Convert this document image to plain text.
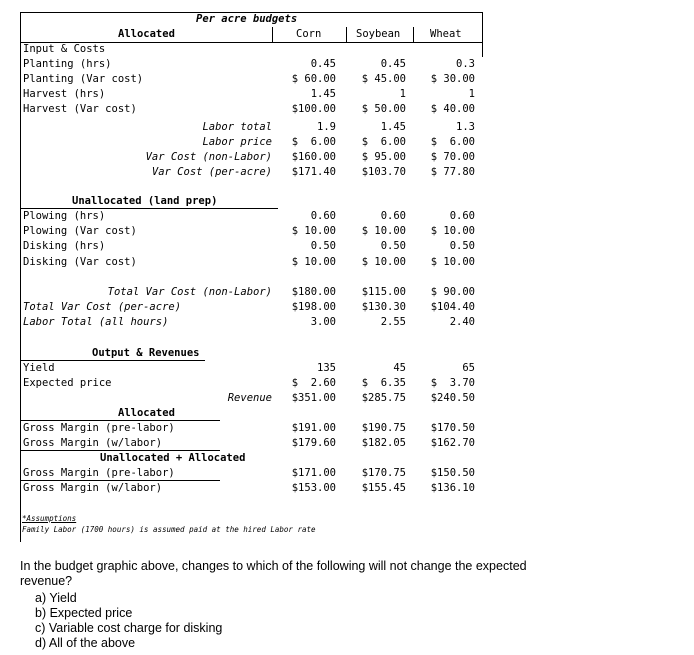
Per acre budgets
Allocated	Corn	Soybean	Wheat
Input & Costs
Planting (hrs)	0.45	0.45	0.3
Planting (Var cost)	$ 60.00 $ 45.00 $ 30.00
Harvest (hrs)	1.45	1	1
Harvest (Var cost)	$100.00 $ 50.00 $ 40.00
Labor total	1.9	1.45	1.3
Labor price $  6.00 $  6.00 $  6.00
Var Cost (non-Labor) $160.00 $ 95.00 $ 70.00
Var Cost (per-acre) $171.40 $103.70 $ 77.80
Unallocated (land prep)
Plowing (hrs)	0.60	0.60	0.60
Plowing (Var cost)	$ 10.00 $ 10.00 $ 10.00
Disking (hrs)	0.50	0.50	0.50
Disking (Var cost)	$ 10.00 $ 10.00 $ 10.00
Total Var Cost (non-Labor) $180.00 $115.00 $ 90.00
Total Var Cost (per-acre)	$198.00 $130.30 $104.40
Labor Total (all hours)	3.00	2.55	2.40
Output & Revenues
Yield	135	45	65
Expected price	$  2.60 $  6.35 $  3.70
Revenue $351.00 $285.75 $240.50
Allocated
Gross Margin (pre-labor)	$191.00 $190.75 $170.50
Gross Margin (w/labor)	$179.60 $182.05 $162.70
Unallocated + Allocated
Gross Margin (pre-labor)	$171.00 $170.75 $150.50
Gross Margin (w/labor)	$153.00 $155.45 $136.10
*Assumptions
Family Labor (1700 hours) is assumed paid at the hired Labor rate
In the budget graphic above, changes to which of the following will not change the expected revenue?
a) Yield
b) Expected price
c) Variable cost charge for disking
d) All of the above
